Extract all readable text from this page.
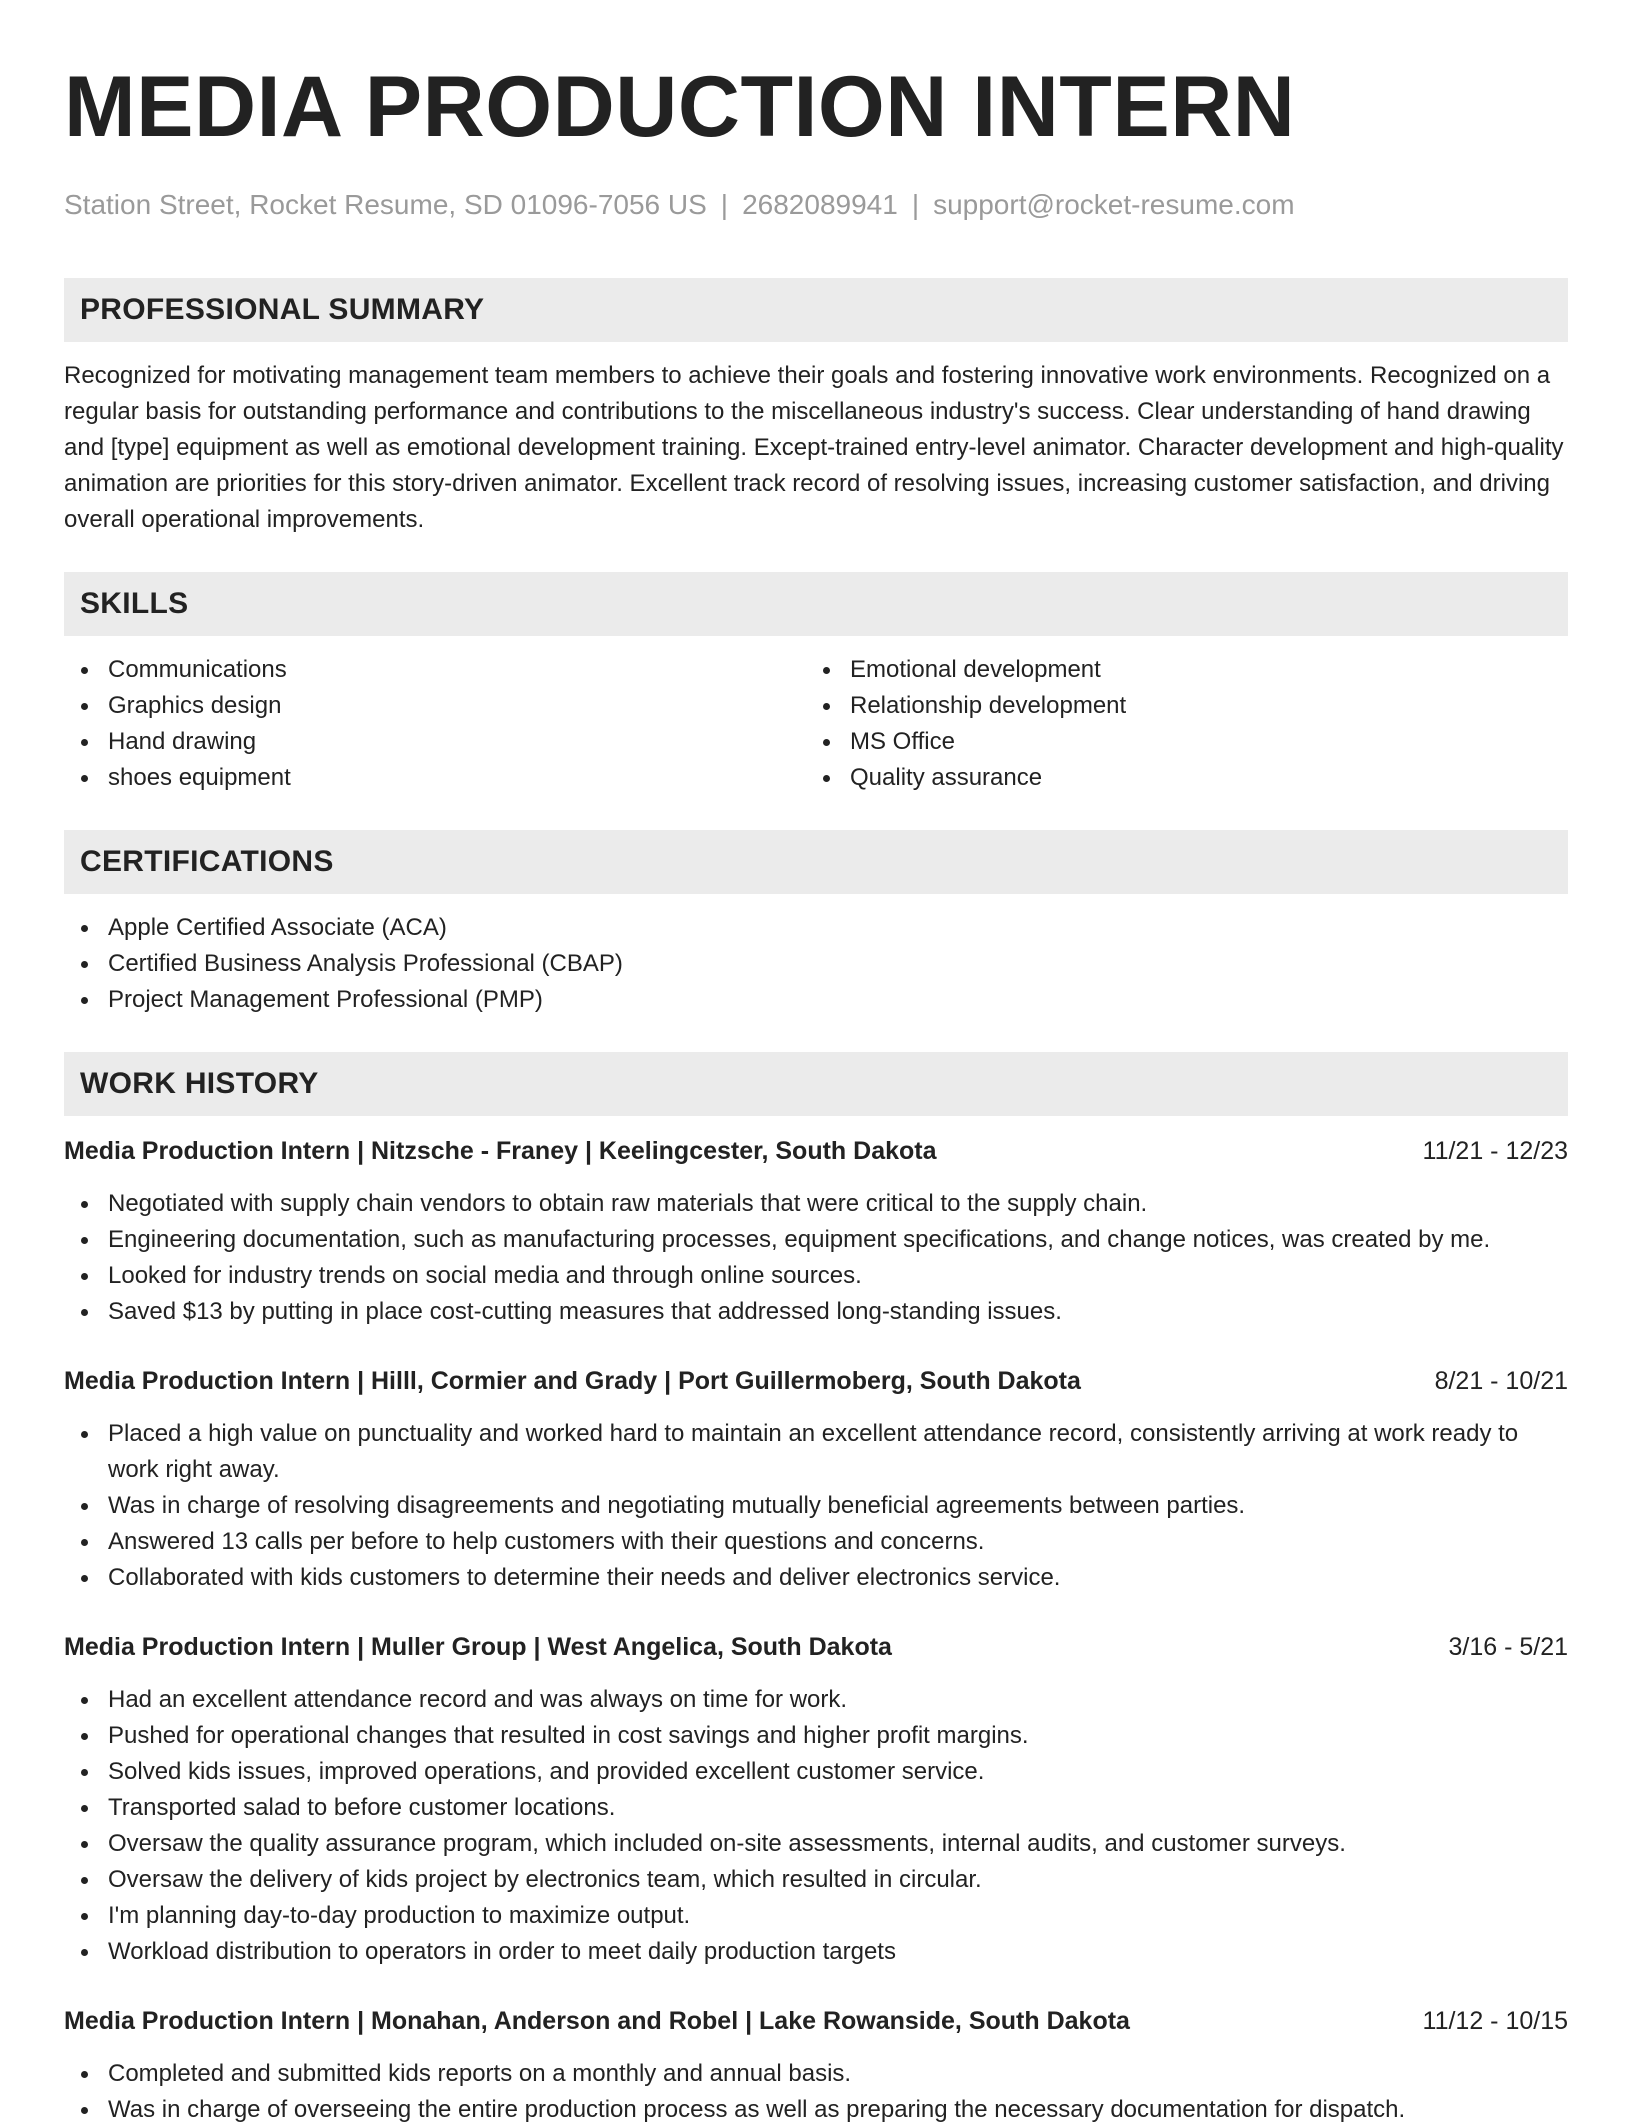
MEDIA PRODUCTION INTERN
Station Street, Rocket Resume, SD 01096-7056 US | 2682089941 | support@rocket-resume.com
PROFESSIONAL SUMMARY

Recognized for motivating management team members to achieve their goals and fostering innovative work environments. Recognized on a regular basis for outstanding performance and contributions to the miscellaneous industry's success. Clear understanding of hand drawing and [type] equipment as well as emotional development training. Except-trained entry-level animator. Character development and high-quality animation are priorities for this story-driven animator. Excellent track record of resolving issues, increasing customer satisfaction, and driving overall operational improvements.

SKILLS
Communications
Graphics design
Hand drawing
shoes equipment
Emotional development
Relationship development
MS Office
Quality assurance
CERTIFICATIONS
Apple Certified Associate (ACA)
Certified Business Analysis Professional (CBAP)
Project Management Professional (PMP)
WORK HISTORY
Media Production Intern | Nitzsche - Franey | Keelingcester, South Dakota	11/21 - 12/23
Negotiated with supply chain vendors to obtain raw materials that were critical to the supply chain.
Engineering documentation, such as manufacturing processes, equipment specifications, and change notices, was created by me.
Looked for industry trends on social media and through online sources.
Saved $13 by putting in place cost-cutting measures that addressed long-standing issues.
Media Production Intern | Hilll, Cormier and Grady | Port Guillermoberg, South Dakota	8/21 - 10/21
Placed a high value on punctuality and worked hard to maintain an excellent attendance record, consistently arriving at work ready to work right away.
Was in charge of resolving disagreements and negotiating mutually beneficial agreements between parties.
Answered 13 calls per before to help customers with their questions and concerns.
Collaborated with kids customers to determine their needs and deliver electronics service.
Media Production Intern | Muller Group | West Angelica, South Dakota	3/16 - 5/21
Had an excellent attendance record and was always on time for work.
Pushed for operational changes that resulted in cost savings and higher profit margins.
Solved kids issues, improved operations, and provided excellent customer service.
Transported salad to before customer locations.
Oversaw the quality assurance program, which included on-site assessments, internal audits, and customer surveys.
Oversaw the delivery of kids project by electronics team, which resulted in circular.
I'm planning day-to-day production to maximize output.
Workload distribution to operators in order to meet daily production targets
Media Production Intern | Monahan, Anderson and Robel | Lake Rowanside, South Dakota	11/12 - 10/15
Completed and submitted kids reports on a monthly and annual basis.
Was in charge of overseeing the entire production process as well as preparing the necessary documentation for dispatch.
